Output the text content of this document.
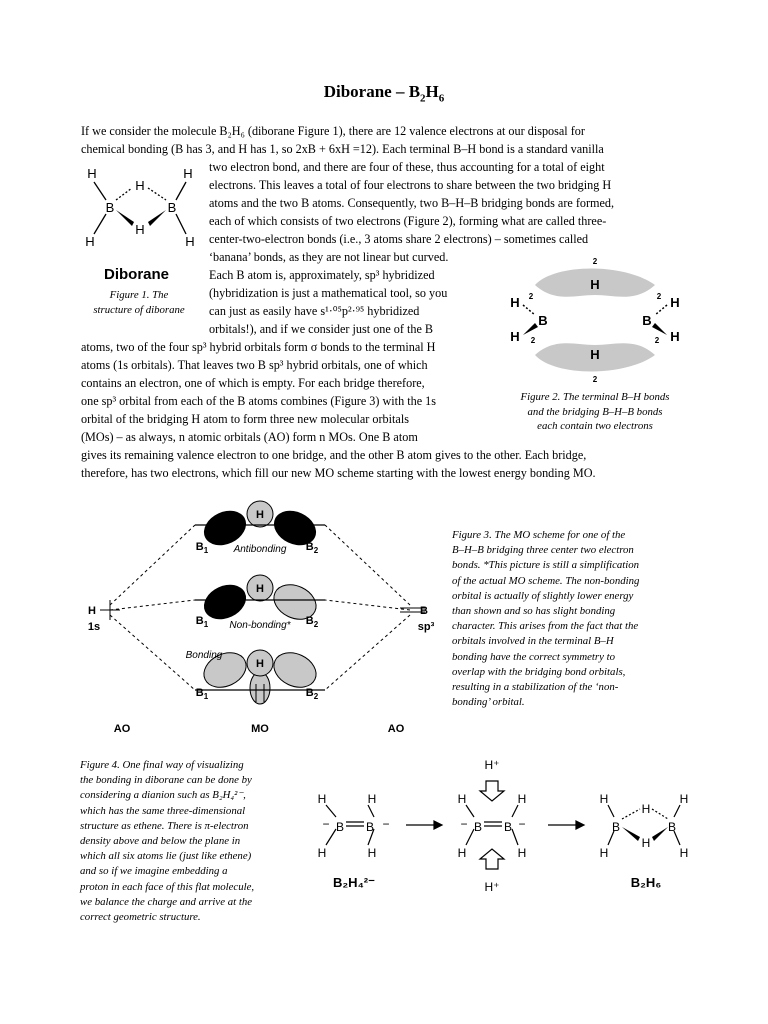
Diborane – $B_2H_6$
If we consider the molecule B₂H₆ (diborane Figure 1), there are 12 valence electrons at our disposal for
chemical bonding (B has 3, and H has 1, so 2xB + 6xH =12). Each terminal B–H bond is a standard vanilla
two electron bond, and there are four of these, thus accounting for a total of eight
electrons. This leaves a total of four electrons to share between the two bridging H
atoms and the two B atoms. Consequently, two B–H–B bridging bonds are formed,
each of which consists of two electrons (Figure 2), forming what are called three-
center-two-electron bonds (i.e., 3 atoms share 2 electrons) – sometimes called
‘banana’ bonds, as they are not linear but curved.
Each B atom is, approximately, sp³ hybridized
(hybridization is just a mathematical tool, so you
can just as easily have s¹·⁰⁵p²·⁹⁵ hybridized
orbitals!), and if we consider just one of the B
atoms, two of the four sp³ hybrid orbitals form σ bonds to the terminal H
atoms (1s orbitals). That leaves two B sp³ hybrid orbitals, one of which
contains an electron, one of which is empty. For each bridge therefore,
one sp³ orbital from each of the B atoms combines (Figure 3) with the 1s
orbital of the bridging H atom to form three new molecular orbitals
(MOs) – as always, n atomic orbitals (AO) form n MOs. One B atom
gives its remaining valence electron to one bridge, and the other B atom gives to the other. Each bridge,
therefore, has two electrons, which fill our new MO scheme starting with the lowest energy bonding MO.
H	H
H
B	B
H
H	H
Diborane
Figure 1. The
structure of diborane
H
H
B	B
H
H
H
H
2
2
2
2
2
2
Figure 2. The terminal B–H bonds
and the bridging B–H–B bonds
each contain two electrons
H
H
H
H
1s
B
sp³
AO	MO	AO
$B_1$	$B_2$
$B_1$	$B_2$
$B_1$	$B_2$
Antibonding
Non-bonding*
Bonding
Figure 3. The MO scheme for one of the
B–H–B bridging three center two electron
bonds. *This picture is still a simplification
of the actual MO scheme. The non-bonding
orbital is actually of slightly lower energy
than shown and so has slight bonding
character. This arises from the fact that the
orbitals involved in the terminal B–H
bonding have the correct symmetry to
overlap with the bridging bond orbitals,
resulting in a stabilization of the ‘non-
bonding’ orbital.
Figure 4. One final way of visualizing
the bonding in diborane can be done by
considering a dianion such as B₂H₄²⁻,
which has the same three-dimensional
structure as ethene. There is π-electron
density above and below the plane in
which all six atoms lie (just like ethene)
and so if we imagine embedding a
proton in each face of this flat molecule,
we balance the charge and arrive at the
correct geometric structure.
H	H
H	H
B B
−	−
H⁺
H⁺
H	H
H	H
B B
−	−
H	H
H
B	B
H
H	H
B₂H₄²⁻	B₂H₆
